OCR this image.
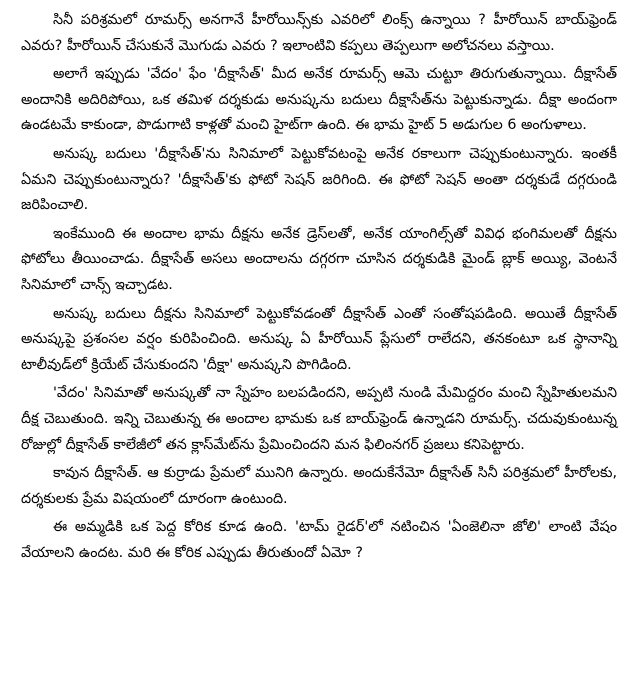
సినీ పరిశ్రమలో రూమర్స్ అనగానే హీరోయిన్స్‌కు ఎవరిలో లింక్స్ ఉన్నాయి ? హీరోయిన్ బాయ్‌ఫ్రెండ్ ఎవరు? హీరోయిన్ చేసుకునే మొగుడు ఎవరు ? ఇలాంటివి కప్పలు తెప్పలుగా అలోచనలు వస్తాయి.

అలాగే ఇప్పుడు 'వేదం' ఫేం 'దీక్షాసేత్' మీద అనేక రూమర్స్ ఆమె చుట్టూ తిరుగుతున్నాయి. దీక్షాసేత్ అందానికి అదిరిపోయి, ఒక తమిళ దర్శకుడు అనుష్కను బదులు దీక్షాసేత్‌ను పెట్టుకున్నాడు. దీక్షా అందంగా ఉండటమే కాకుండా, పొడుగాటి కాళ్లతో మంచి హైట్‌గా ఉంది. ఈ భామ హైట్ 5 అడుగుల 6 అంగుళాలు.

అనుష్క బదులు 'దీక్షాసేత్'ను సినిమాలో పెట్టుకోవటంపై అనేక రకాలుగా చెప్పుకుంటున్నారు. ఇంతకీ ఏమని చెప్పుకుంటున్నారు? 'దీక్షాసేత్'కు ఫోటో సెషన్ జరిగింది. ఈ ఫోటో సెషన్ అంతా దర్శకుడే దగ్గరుండి జరిపించాలి.

ఇంకేముంది ఈ అందాల భామ దీక్షను అనేక డ్రెస్‌లతో, అనేక యాంగిల్స్‌తో వివిధ భంగిమలతో దీక్షను ఫోటోలు తీయించాడు. దీక్షాసేత్ అసలు అందాలను దగ్గరగా చూసిన దర్శకుడికి మైండ్ బ్లాక్ అయ్యి, వెంటనే సినిమాలో చాన్స్ ఇచ్చాడట.

అనుష్క బదులు దీక్షను సినిమాలో పెట్టుకోవడంతో దీక్షాసేత్ ఎంతో సంతోషపడింది. అయితే దీక్షాసేత్ అనుష్కపై ప్రశంసల వర్షం కురిపించింది. అనుష్క ఏ హీరోయిన్ ప్లేసులో రాలేదని, తనకంటూ ఒక స్థానాన్ని టాలీవుడ్‌లో క్రియేట్ చేసుకుందని 'దీక్షా' అనుష్కని పొగిడింది.

'వేదం' సినిమాతో అనుష్కతో నా స్నేహం బలపడిందని, అప్పటి నుండి మేమిద్దరం మంచి స్నేహితులమని దీక్ష చెబుతుంది. ఇన్ని చెబుతున్న ఈ అందాల భామకు ఒక బాయ్‌ఫ్రెండ్ ఉన్నాడని రూమర్స్. చదువుకుంటున్న రోజుల్లో దీక్షాసేత్ కాలేజీలో తన క్లాస్‌మేట్‌ను ప్రేమించిందని మన ఫిలింనగర్ ప్రజలు కనిపెట్టారు.

కావున దీక్షాసేత్. ఆ కుర్రాడు ప్రేమలో మునిగి ఉన్నారు. అందుకేనేమో దీక్షాసేత్ సినీ పరిశ్రమలో హీరోలకు, దర్శకులకు ప్రేమ విషయంలో దూరంగా ఉంటుంది.

ఈ అమ్మడికి ఒక పెద్ద కోరిక కూడ ఉంది. 'టామ్ రైడర్'లో నటించిన 'ఏంజెలినా జోలి' లాంటి వేషం వేయాలని ఉందట. మరి ఈ కోరిక ఎప్పుడు తీరుతుందో ఏమో ?
